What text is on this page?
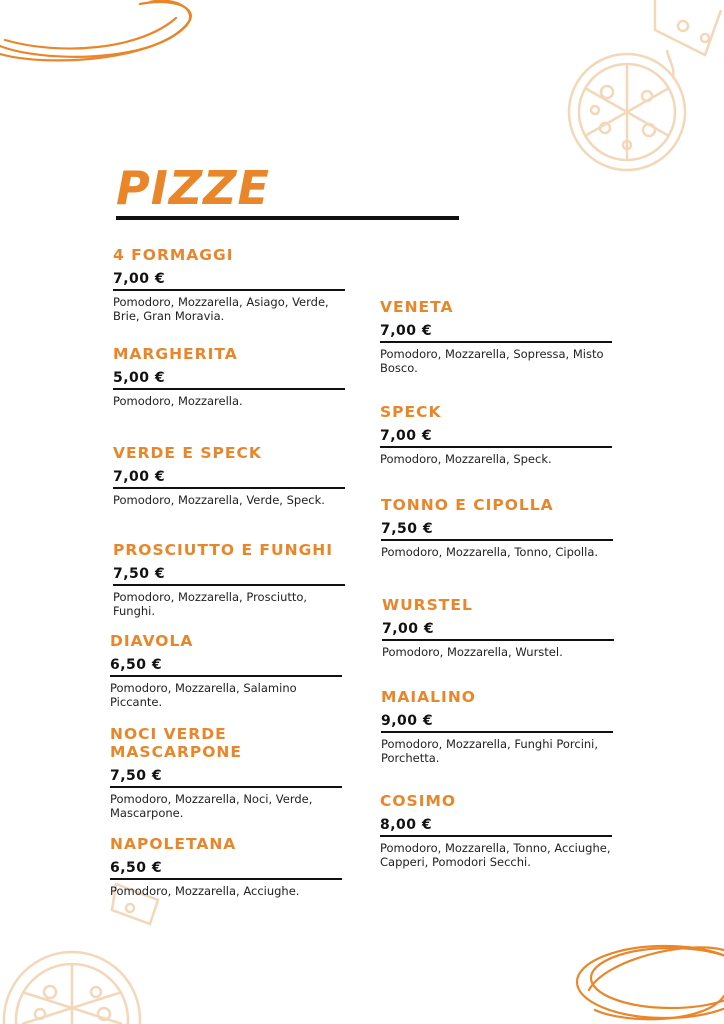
PIZZE
4 FORMAGGI
7,00 €

Pomodoro, Mozzarella, Asiago, Verde, Brie, Gran Moravia.

MARGHERITA
5,00 €

Pomodoro, Mozzarella.

VERDE E SPECK
7,00 €

Pomodoro, Mozzarella, Verde, Speck.

PROSCIUTTO E FUNGHI
7,50 €

Pomodoro, Mozzarella, Prosciutto, Funghi.

DIAVOLA
6,50 €

Pomodoro, Mozzarella, Salamino Piccante.

NOCI VERDE MASCARPONE
7,50 €

Pomodoro, Mozzarella, Noci, Verde, Mascarpone.

NAPOLETANA
6,50 €

Pomodoro, Mozzarella, Acciughe.

VENETA
7,00 €

Pomodoro, Mozzarella, Sopressa, Misto Bosco.

SPECK
7,00 €

Pomodoro, Mozzarella, Speck.

TONNO E CIPOLLA
7,50 €

Pomodoro, Mozzarella, Tonno, Cipolla.

WURSTEL
7,00 €

Pomodoro, Mozzarella, Wurstel.

MAIALINO
9,00 €

Pomodoro, Mozzarella, Funghi Porcini, Porchetta.

COSIMO
8,00 €

Pomodoro, Mozzarella, Tonno, Acciughe, Capperi, Pomodori Secchi.
